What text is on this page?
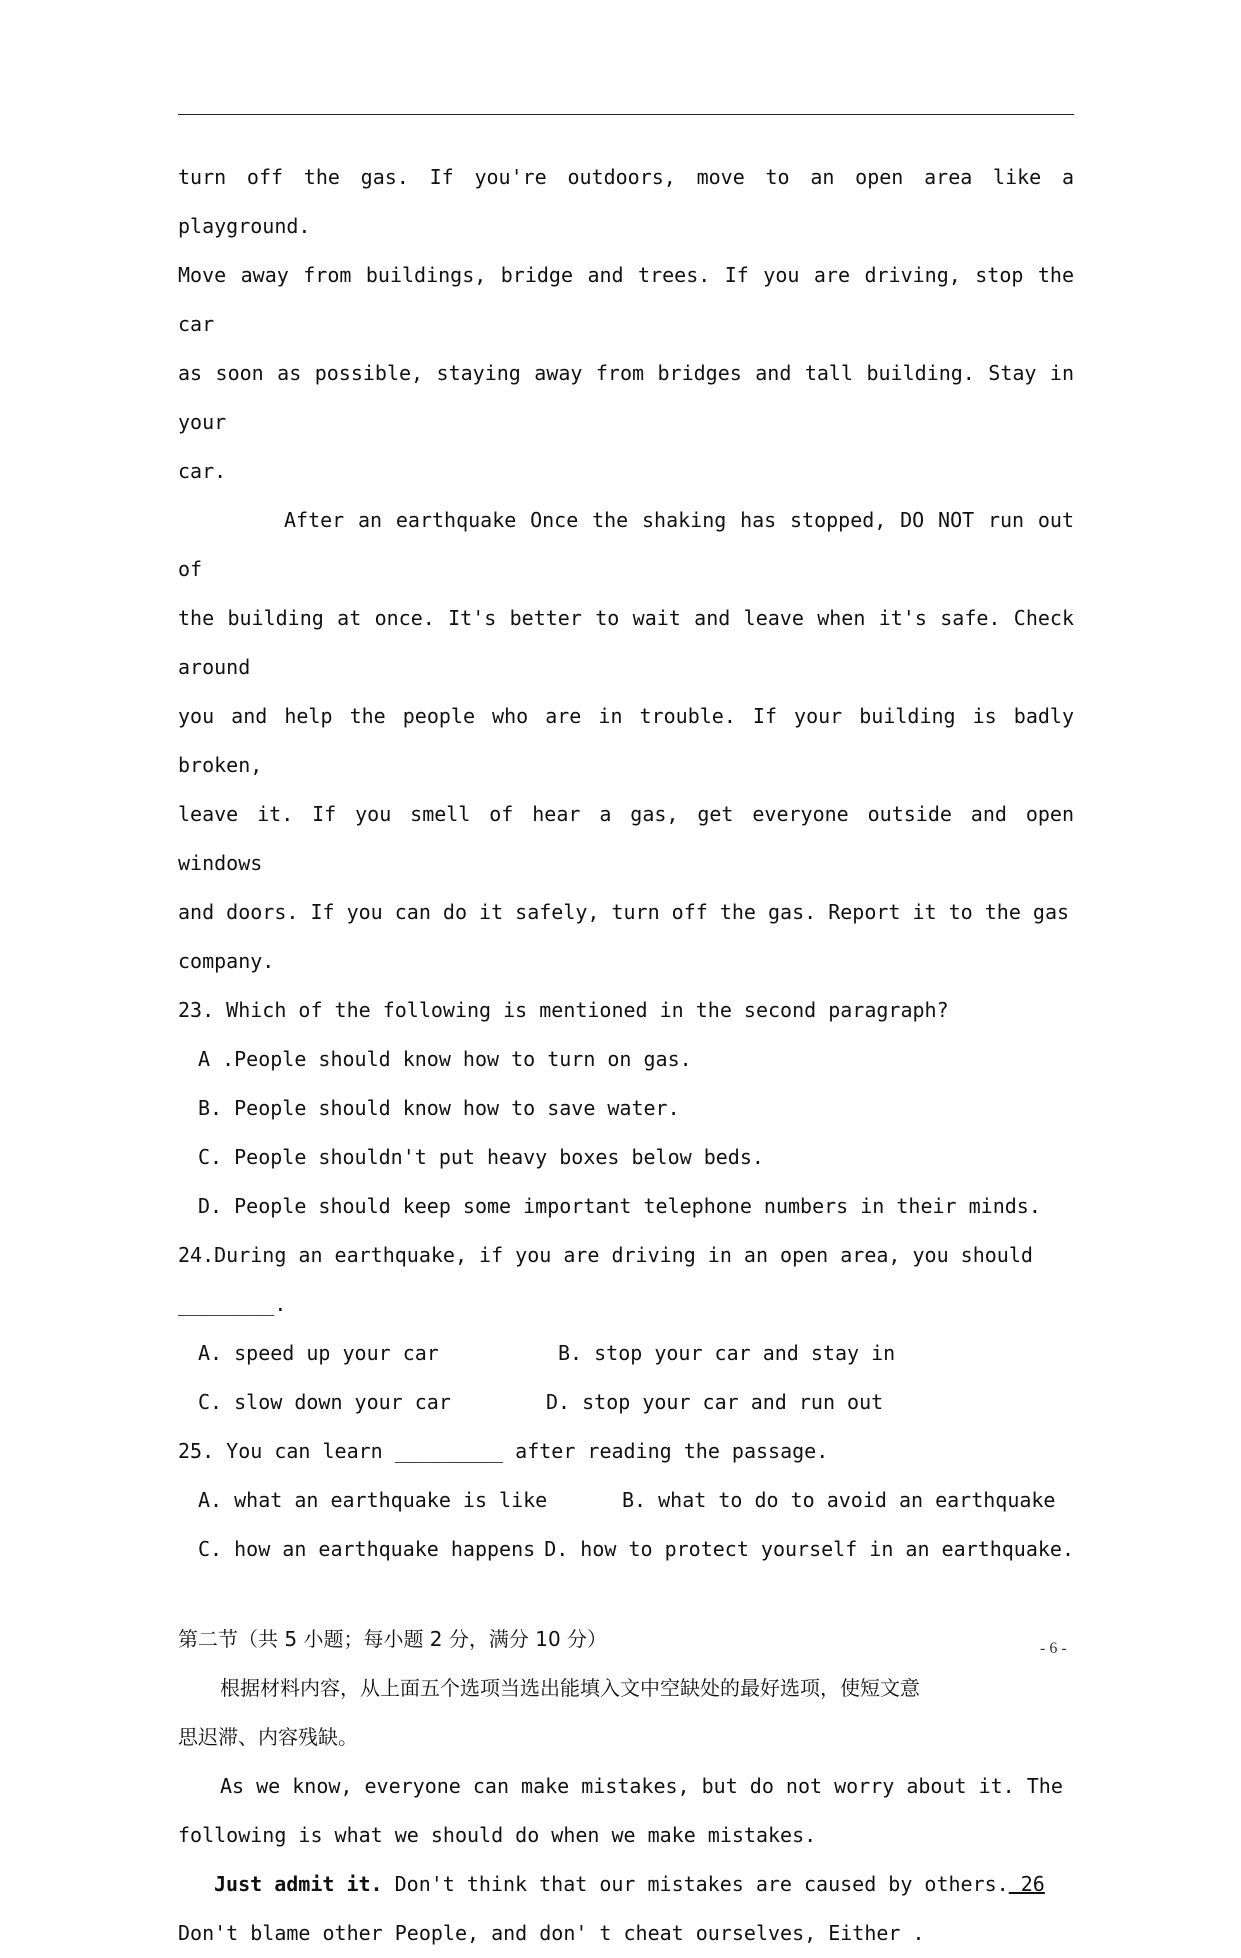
turn off the gas. If you're outdoors, move to an open area like a playground.
Move away from buildings, bridge and trees. If you are driving, stop the car
as soon as possible, staying away from bridges and tall building. Stay in your
car.
After an earthquake Once the shaking has stopped, DO NOT run out of
the building at once. It's better to wait and leave when it's safe. Check around
you and help the people who are in trouble. If your building is badly broken,
leave it. If you smell of hear a gas, get everyone outside and open windows
and doors. If you can do it safely, turn off the gas. Report it to the gas
company.
23. Which of the following is mentioned in the second paragraph?
A .People should know how to turn on gas.
B. People should know how to save water.
C. People shouldn't put heavy boxes below beds.
D. People should keep some important telephone numbers in their minds.
24.During an earthquake, if you are driving in an open area, you should
________.
A. speed up your car	B. stop your car and stay in
C. slow down your car	D. stop your car and run out
25. You can learn _________ after reading the passage.
A. what an earthquake is like	B. what to do to avoid an earthquake
C. how an earthquake happens D. how to protect yourself in an earthquake.
第二节（共 5 小题；每小题 2 分，满分 10 分）
根据材料内容，从上面五个选项当选出能填入文中空缺处的最好选项，使短文意
思迟滞、内容残缺。
As we know, everyone can make mistakes, but do not worry about it. The
following is what we should do when we make mistakes.
Just admit it. Don't think that our mistakes are caused by others. 26
Don't blame other People, and don' t cheat ourselves, Either .
- 6 -
